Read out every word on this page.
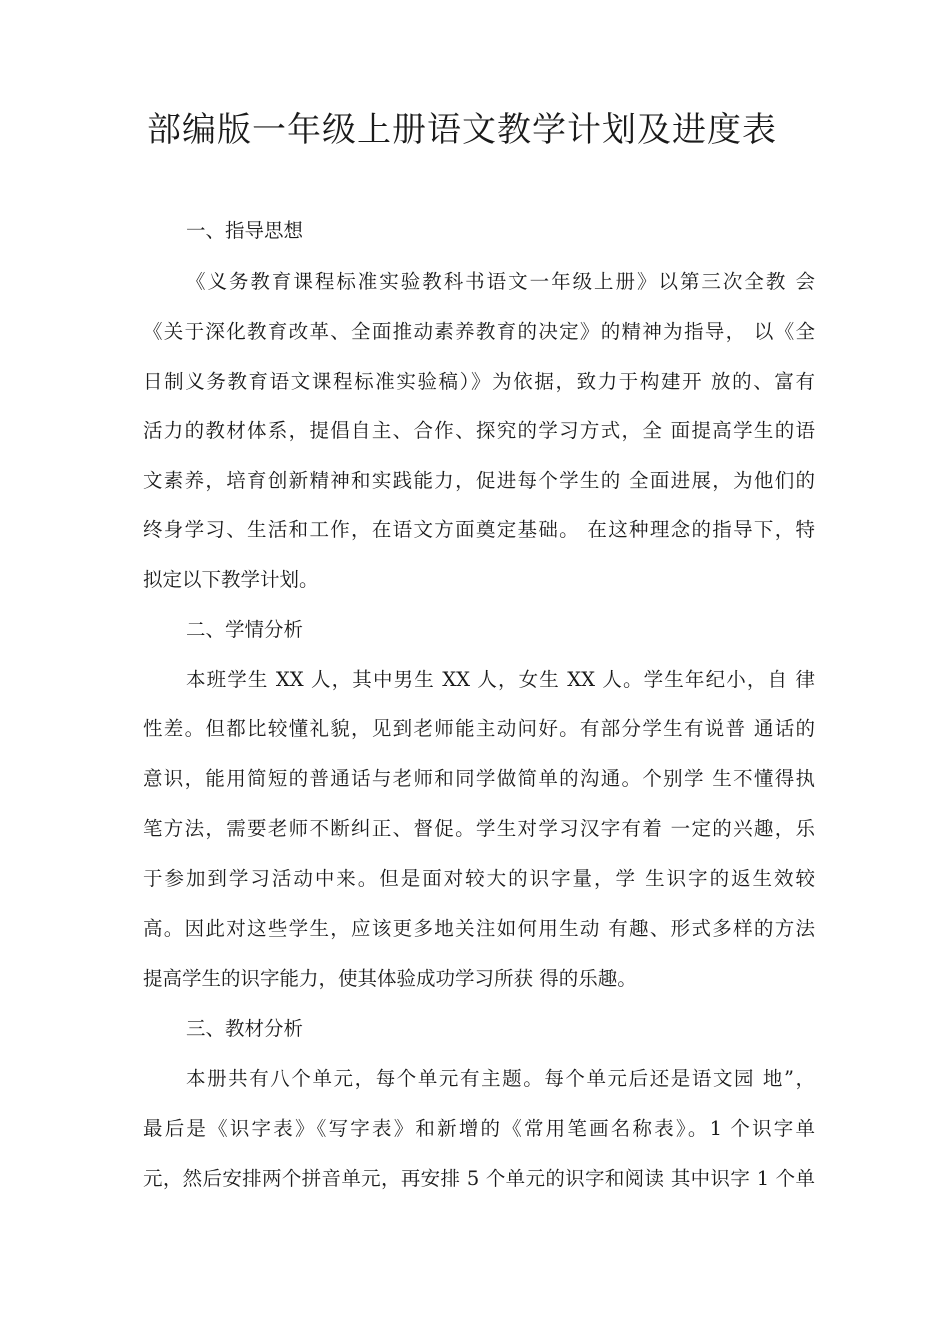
部编版一年级上册语文教学计划及进度表
一、指导思想
《义务教育课程标准实验教科书语文一年级上册》以第三次全教 会
《关于深化教育改革、全面推动素养教育的决定》的精神为指导， 以《全
日制义务教育语文课程标准实验稿）》为依据，致力于构建开 放的、富有
活力的教材体系，提倡自主、合作、探究的学习方式，全 面提高学生的语
文素养，培育创新精神和实践能力，促进每个学生的 全面进展，为他们的
终身学习、生活和工作，在语文方面奠定基础。 在这种理念的指导下，特
拟定以下教学计划。
二、学情分析
本班学生 XX 人，其中男生 XX 人，女生 XX 人。学生年纪小，自 律
性差。但都比较懂礼貌，见到老师能主动问好。有部分学生有说普 通话的
意识，能用简短的普通话与老师和同学做简单的沟通。个别学 生不懂得执
笔方法，需要老师不断纠正、督促。学生对学习汉字有着 一定的兴趣，乐
于参加到学习活动中来。但是面对较大的识字量，学 生识字的返生效较
高。因此对这些学生，应该更多地关注如何用生动 有趣、形式多样的方法
提高学生的识字能力，使其体验成功学习所获 得的乐趣。
三、教材分析
本册共有八个单元，每个单元有主题。每个单元后还是语文园 地”，
最后是《识字表》《写字表》和新增的《常用笔画名称表》。1 个识字单
元，然后安排两个拼音单元，再安排 5 个单元的识字和阅读 其中识字 1 个单
